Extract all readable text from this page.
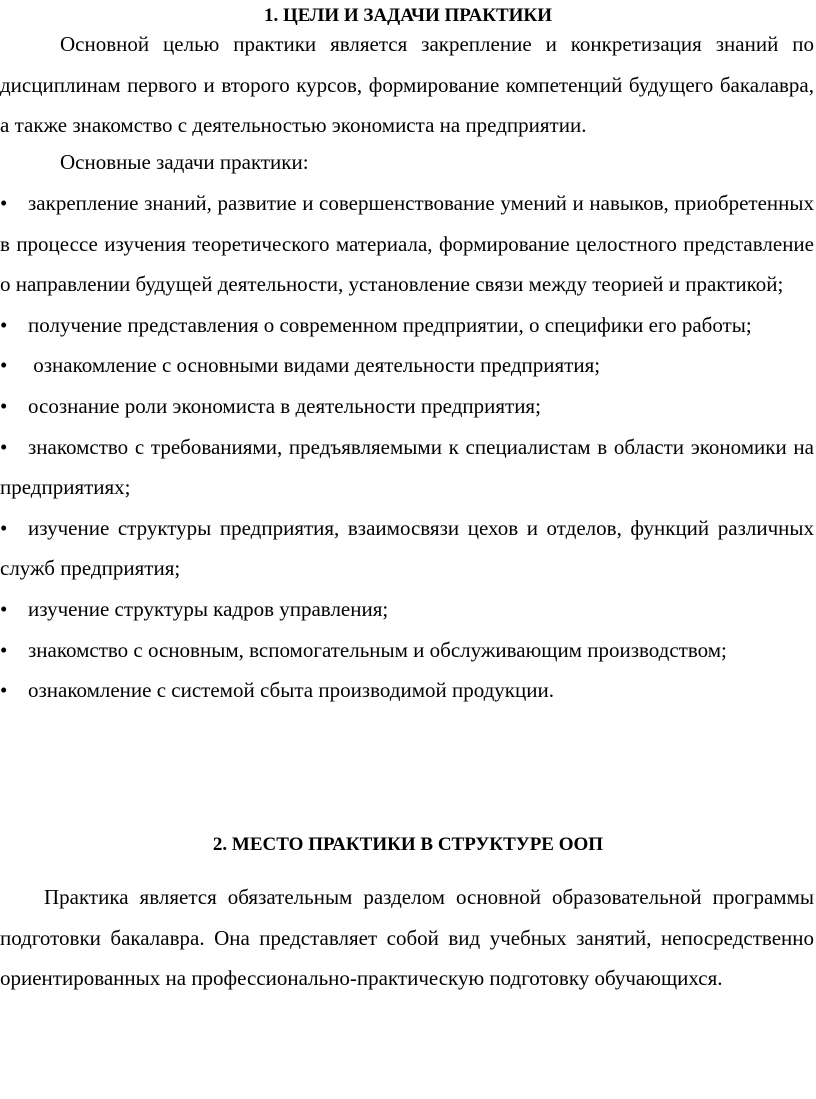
1. ЦЕЛИ И ЗАДАЧИ ПРАКТИКИ

Основной целью практики является закрепление и конкретизация знаний по дисциплинам первого и второго курсов, формирование компетенций будущего бакалавра, а также знакомство с деятельностью экономиста на предприятии.

Основные задачи практики:

• закрепление знаний, развитие и совершенствование умений и навыков, приобретенных в процессе изучения теоретического материала, формирование целостного представление о направлении будущей деятельности, установление связи между теорией и практикой;

• получение представления о современном предприятии, о специфики его работы;

• ознакомление с основными видами деятельности предприятия;

• осознание роли экономиста в деятельности предприятия;

• знакомство с требованиями, предъявляемыми к специалистам в области экономики на предприятиях;

• изучение структуры предприятия, взаимосвязи цехов и отделов, функций различных служб предприятия;

• изучение структуры кадров управления;

• знакомство с основным, вспомогательным и обслуживающим производством;

• ознакомление с системой сбыта производимой продукции.

2. МЕСТО ПРАКТИКИ В СТРУКТУРЕ ООП

Практика является обязательным разделом основной образовательной программы подготовки бакалавра. Она представляет собой вид учебных занятий, непосредственно ориентированных на профессионально-практическую подготовку обучающихся.
